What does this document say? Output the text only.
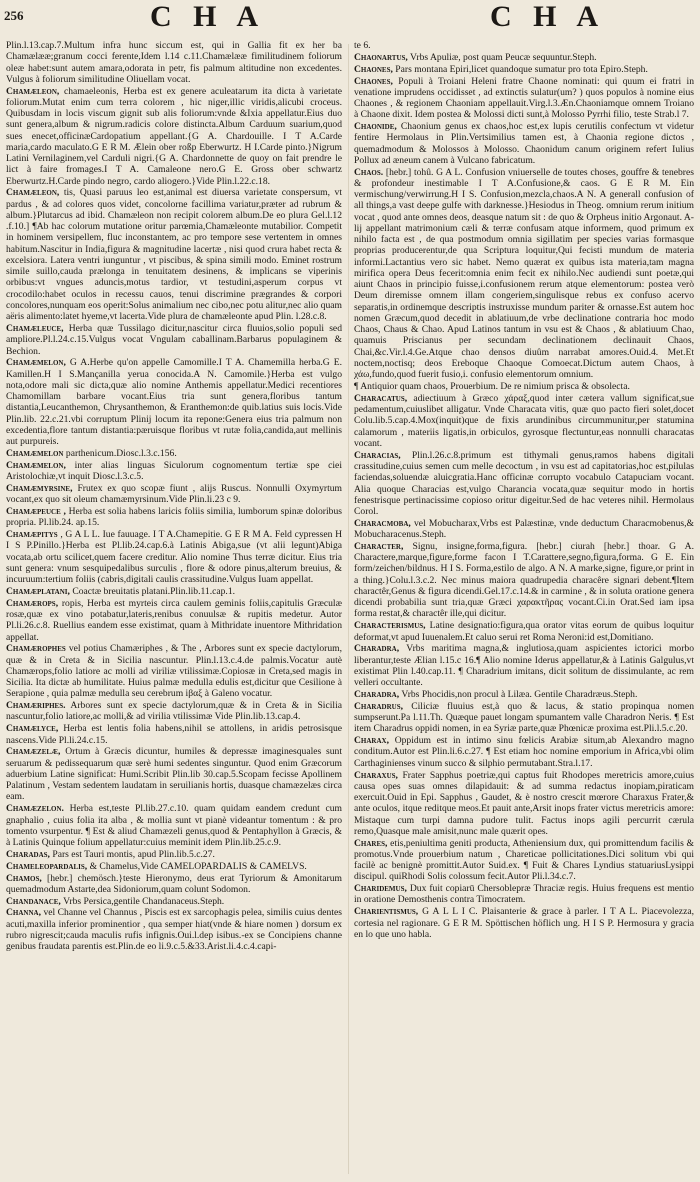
256	C H A	C H A

Plin.l.13.cap.7.Multum infra hunc siccum est, qui in Gallia fit ex her ba Chamælææ;granum cocci ferente,Idem l.14 c.11.Chamælææ fimilitudinem foliorum oleæ habet:sunt autem amara,odorata in petr, fis palmum altitudine non excedentes. Vulgus à foliorum similitudine Oliuellam vocat.

Chamæleon, chamaeleonis, Herba est ex genere aculeatarum ita dicta à varietate foliorum.Mutat enim cum terra colorem , hic niger,illic viridis,alicubi croceus. Quibusdam in locis viscum gignit sub alis foliorum:vnde &Ixia appellatur.Eius duo sunt genera,album & nigrum.radicis colore distincta.Album Carduum suarium,quod sues enecet,officinæCardopatium appellant.{G A. Chardouille. I T A.Carde maria,cardo maculato.G E R M. Ælein ober roßp Eberwurtz. H I.Carde pinto.}Nigrum Latini Vernilaginem,vel Carduli nigri.{G A. Chardonnette de quoy on fait prendre le lict à faire fromages.I T A. Camaleone nero.G E. Gross ober schwartz Eberwurtz.H.Carde pindo negro, cardo aliogero.}Vide Plin.l.22.c.18.

Chamæleon, tis, Quasi paruus leo est,animal est diuersa varietate conspersum, vt pardus , & ad colores quos videt, concolorne facillima variatur,præter ad rubrum & album.}Plutarcus ad ibid. Chamæleon non recipit colorem album.De eo plura Gel.l.12 .f.10.] ¶Ab hac colorum mutatione oritur parœmia,Chamæleonte mutabilior. Competit in hominem versipellem, fluc inconstantem, ac pro tempore sese vertentem in omnes habitum.Nascitur in India,figura & magnitudine lacertæ , nisi quod crura habet recta & excelsiora. Latera ventri iunguntur , vt piscibus, & spina simili modo. Eminet rostrum simile suillo,cauda prælonga in tenuitatem desinens, & implicans se viperinis orbibus:vt vngues aduncis,motus tardior, vt testudini,asperum corpus vt crocodilo:habet oculos in recessu cauos, tenui discrimine prægrandes & corpori concolores,nunquam eos operit:Solus animalium nec cibo,nec potu alitur,nec alio quam aëris alimento:latet hyeme,vt lacerta.Vide plura de chamæleonte apud Plin. l.28.c.8.

Chamæleuce, Herba quæ Tussilago dicitur,nascitur circa fluuios,solio populi sed ampliore.Pl.l.24.c.15.Vulgus vocat Vngulam caballinam.Barbarus populaginem & Bechion.

Chamæmelon, G A.Herbe qu'on appelle Camomille.I T A. Chamemilla herba.G E. Kamillen.H I S.Mançanilla yerua conocida.A N. Camomile.}Herba est vulgo nota,odore mali sic dicta,quæ alio nomine Anthemis appellatur.Medici recentiores Chamomillam barbare vocant.Eius tria sunt genera,floribus tantum distantia,Leucanthemon, Chrysanthemon, & Eranthemon:de quib.latius suis locis.Vide Plin.lib. 22.c.21.vbi corruptum Plinij locum ita repone:Genera eius tria palmum non excedentia,flore tantum distantia:pæruisque floribus vt rutæ folia,candida,aut mellinis aut purpureis.

Chamæmelon parthenicum.Diosc.l.3.c.156.

Chamæmelon, inter alias linguas Siculorum cognomentum tertiæ spe ciei Aristolochiæ,vt inquit Diosc.l.3.c.5.

Chamæmyrsine, Frutex ex quo scopæ fiunt , alijs Ruscus. Nonnulli Oxymyrtum vocant,ex quo sit oleum chamæmyrsinum.Vide Plin.li.23 c 9.

Chamæpeuce , Herba est solia habens laricis foliis similia, lumborum spinæ doloribus propria. Pl.lib.24. ap.15.

Chamæpitys , G A L L. Iue fauuage. I T A.Chamepitie. G E R M A. Feld cypressen H I S P.Pinillo.}Herba est Pl.lib.24.cap.6.à Latinis Abiga,sue (vt alii legunt)Abiga vocata,ab ortu scilicet,quem facere creditur. Alio nomine Thus terræ dicitur. Eius tria sunt genera: vnum sesquipedalibus surculis , flore & odore pinus,alterum breuius, & incuruum:tertium foliis (cabris,digitali caulis crassitudine.Vulgus Iuam appellat.

Chamæplatani, Coactæ breuitatis platani.Plin.lib.11.cap.1.

Chamærops, ropis, Herba est myrteis circa caulem geminis foliis,capitulis Græculæ rosæ,quæ ex vino potabatur,lateris,renibus conuulsæ & rupitis medetur. Autor Pl.li.26.c.8. Ruellius eandem esse existimat, quam à Mithridate inuentore Mithridation appellat.

Chamærophes vel potius Chamæriphes , & The , Arbores sunt ex specie dactylorum, quæ & in Creta & in Sicilia nascuntur. Plin.l.13.c.4.de palmis.Vocatur autè Chamærops,folio latiore ac molli ad viriliæ vtilissimæ.Copiosæ in Creta,sed magis in Sicilia. Ita dictæ ab humilitate. Huius palmæ medulla edulis est,dicitur que Cesilione à Serapione , quia palmæ medulla seu cerebrum iβαξ à Galeno vocatur.

Chamæriphes. Arbores sunt ex specie dactylorum,quæ & in Creta & in Sicilia nascuntur,folio latiore,ac molli,& ad virilia vtilissimæ Vide Plin.lib.13.cap.4.

Chamælyce, Herba est lentis folia habens,nihil se attollens, in aridis petrosisque nascens.Vide Pl.li.24.c.15.

Chamæzelæ, Ortum à Græcis dicuntur, humiles & depressæ imaginesquales sunt seruarum & pedissequarum quæ serè humi sedentes singuntur. Quod enim Græcorum aduerbium Latine significat: Humi.Scribit Plin.lib 30.cap.5.Scopam fecisse Apollinem Palatinum , Vestam sedentem laudatam in seruilianis hortis, duasque chamæzelæs circa eam.

Chamæzelon. Herba est,teste Pl.lib.27.c.10. quam quidam eandem credunt cum gnaphalio , cuius folia ita alba , & mollia sunt vt pianè videantur tomentum : & pro tomento vsurpentur. ¶ Est & aliud Chamæzeli genus,quod & Pentaphyllon à Græcis, & à Latinis Quinque folium appellatur:cuius meminit idem Plin.lib.25.c.9.

Charadas, Pars est Tauri montis, apud Plin.lib.5.c.27.

Chameleopardalis, & Chamelus,Vide CAMELOPARDALIS & CAMELVS.

Chamos, [hebr.] chemösch.}teste Hieronymo, deus erat Tyriorum & Amonitarum quemadmodum Astarte,dea Sidoniorum,quam colunt Sodomon.

Chandanace, Vrbs Persica,gentile Chandanaceus.Steph.

Channa, vel Channe vel Channus , Piscis est ex sarcophagis pelea, similis cuius dentes acuti,maxilla inferior prominentior , qua semper hiat(vnde & hiare nomen ) dorsum ex rubro nigrescit;cauda maculis rufis infignis.Oui.l.dep isibus.-ex se Concipiens channe genibus fraudata parentis est.Plin.de eo li.9.c.5.&33.Arist.li.4.c.4.capi-

te 6.

Chaonartus, Vrbs Apuliæ, post quam Peucæ sequuntur.Steph.

Chaones, Pars montana Epiri,licet quandoque sumatur pro tota Epiro.Steph.

Chaones, Populi à Troiani Heleni fratre Chaone nominati: qui quum ei fratri in venatione imprudens occidisset , ad extinctis sulatur(um? ) quos populos à nomine eius Chaones , & regionem Chaoniam appellauit.Virg.l.3.Æn.Chaoniamque omnem Troiano à Chaone dixit. Idem postea & Molossi dicti sunt,à Molosso Pyrrhi filio, teste Strab.l 7.

Chaonide, Chaonium genus ex chaos,hoc est,ex lupis cerutilis confectum vt videtur fentire Hermolaus in Plin.Vertsimilius tamen est, à Chaonia regione dictos , quemadmodum & Molossos à Molosso. Chaonidum canum originem refert Iulius Pollux ad æneum canem à Vulcano fabricatum.

Chaos. [hebr.] tohû. G A L. Confusion vniuerselle de toutes choses, gouffre & tenebres & profondeur inestimable I T A.Confusione,& caos. G E R M. Ein vermischung/verwirrung.H I S. Confusion,mezcla,chaos.A N. A generall confusion of all things,a vast deepe gulfe with darknesse.}Hesiodus in Theog. omnium rerum initium vocat , quod ante omnes deos, deasque natum sit : de quo & Orpheus initio Argonaut. A-lij appellant matrimonium cæli & terræ confusam atque informem, quod primum ex nihilo facta est , de qua postmodum omnia sigillatim per species varias formasque proprias producerentur,de qua Scriptura loquitur,Qui fecisti mundum de materia informi.Lactantius vero sic habet. Nemo quærat ex quibus ista materia,tam magna mirifica opera Deus fecerit:omnia enim fecit ex nihilo.Nec audiendi sunt poetæ,qui aiunt Chaos in principio fuisse,i.confusionem rerum atque elementorum: postea verò Deum diremisse omnem illam congeriem,singulisque rebus ex confuso acervo separatis,in ordinemque descriptis instruxisse mundum pariter & ornasse.Est autem hoc nomen Græcum,quod decedit in ablatiuum,de vrbe declinatione contraria hoc modo Chaos, Chaus & Chao. Apud Latinos tantum in vsu est & Chaos , & ablatiuum Chao, quamuis Priscianus per secundam declinationem declinauit Chaos, Chai,&c.Vir.l.4.Ge.Atque chao densos diuûm narrabat amores.Ouid.4. Met.Et noctem,noctisq; deos Ereboque Chaoque Comoecat.Dictum autem Chaos, à χάω,fundo,quod fuerit fusio,i. confusio elementorum omnium.

¶ Antiquior quam chaos, Prouerbium. De re nimium prisca & obsolecta.

Characatus, adiectiuum à Græco χάραξ,quod inter cætera vallum significat,sue pedamentum,cuiuslibet alligatur. Vnde Characata vitis, quæ quo pacto fieri solet,docet Colu.lib.5.cap.4.Mox(inquit)que de fixis arundinibus circummunitur,per statumina calamorum , materiis ligatis,in orbiculos, gyrosque flectuntur,eas nonnulli characatas vocant.

Characias, Plin.l.26.c.8.primum est tithymali genus,ramos habens digitali crassitudine,cuius semen cum melle decoctum , in vsu est ad capitatorias,hoc est,pilulas faciendas,soluendæ aluicgratia.Hanc officinæ corrupto vocabulo Catapuciam vocant. Alia quoque Characias est,vulgo Charancia vocata,quæ sequitur modo in hortis fenestrisque pertinacissime copioso oritur digeitur.Sed de hac veteres nihil. Hermolaus Corol.

Characmoba, vel Mobucharax,Vrbs est Palæstinæ, vnde deductum Characmobenus,& Mobucharacenus.Steph.

Character, Signu, insigne,forma,figura. [hebr.] ciurah [hebr.] thoar. G A. Charactere,marque,figure,forme facon I T.Carattere,segno,figura,forma. G E. Ein form/zeichen/bildnus. H I S. Forma,estilo de algo. A N. A marke,signe, figure,or print in a thing.}Colu.l.3.c.2. Nec minus maiora quadrupedia characêre signari debent.¶Item charactêr,Genus & figura dicendi.Gel.17.c.14.& in carmine , & in soluta oratione genera dicendi probabilia sunt tria,quæ Græci χαρακτῆρας vocant.Ci.in Orat.Sed iam ipsa forma restat,& charactêr ille,qui dicitur.

Characterismus, Latine designatio:figura,qua orator vitas eorum de quibus loquitur deformat,vt apud Iuuenalem.Et caluo serui ret Roma Neroni:id est,Domitiano.

Charadra, Vrbs maritima magna,& inglutiosa,quam aspicientes ictorici morbo liberantur,teste Ælian l.15.c 16.¶ Alio nomine Iderus appellatur,& à Latinis Galgulus,vt existimat Plin l.40.cap.11. ¶ Charadrium imitans, dicit solitum de dissimulante, ac rem velleri occultante.

Charadra, Vrbs Phocidis,non procul à Lilæa. Gentile Charadræus.Steph.

Charadrus, Ciliciæ fluuius est,à quo & lacus, & statio propinqua nomen sumpserunt.Pa l.11.Th. Quæque pauet longam spumantem valle Charadron Neris. ¶ Est item Charadrus oppidi nomen, in ea Syriæ parte,quæ Phœnicæ proxima est.Pli.l.5.c.20.

Charax, Oppidum est in intimo sinu fœlicis Arabiæ situm,ab Alexandro magno conditum.Autor est Plin.li.6.c.27. ¶ Est etiam hoc nomine emporium in Africa,vbi olim Carthaginienses vinum succo & silphio permutabant.Stra.l.17.

Charaxus, Frater Sapphus poetriæ,qui captus fuit Rhodopes meretricis amore,cuius causa opes suas omnes dilapidauit: & ad summa redactus inopiam,piraticam exercuit.Ouid in Epi. Sapphus , Gaudet, & è nostro crescit mœrore Charaxus Frater,& ante oculos, itque reditque meos.Et pauit ante,Arsit inops frater victus meretricis amore: Mistaque cum turpi damna pudore tulit. Factus inops agili percurrit cærula remo,Quasque male amisit,nunc male quærit opes.

Chares, etis,peniultima geniti producta, Atheniensium dux, qui promittendum facilis & promotus.Vnde prouerbium natum , Chareticae pollicitationes.Dici solitum vbi qui facilè ac benignè promittit.Autor Suid.ex. ¶ Fuit & Chares Lyndius statuariusLysippi discipul. quiRhodi Solis colossum fecit.Autor Pli.l.34.c.7.

Charidemus, Dux fuit copiarū Chersoblepræ Thraciæ regis. Huius frequens est mentio in oratione Demosthenis contra Timocratem.

Charientismus, G A L L I C. Plaisanterie & grace à parler. I T A L. Piacevolezza, cortesia nel ragionare. G E R M. Spöttischen höflich ung. H I S P. Hermosura y gracia en lo que uno habla.
